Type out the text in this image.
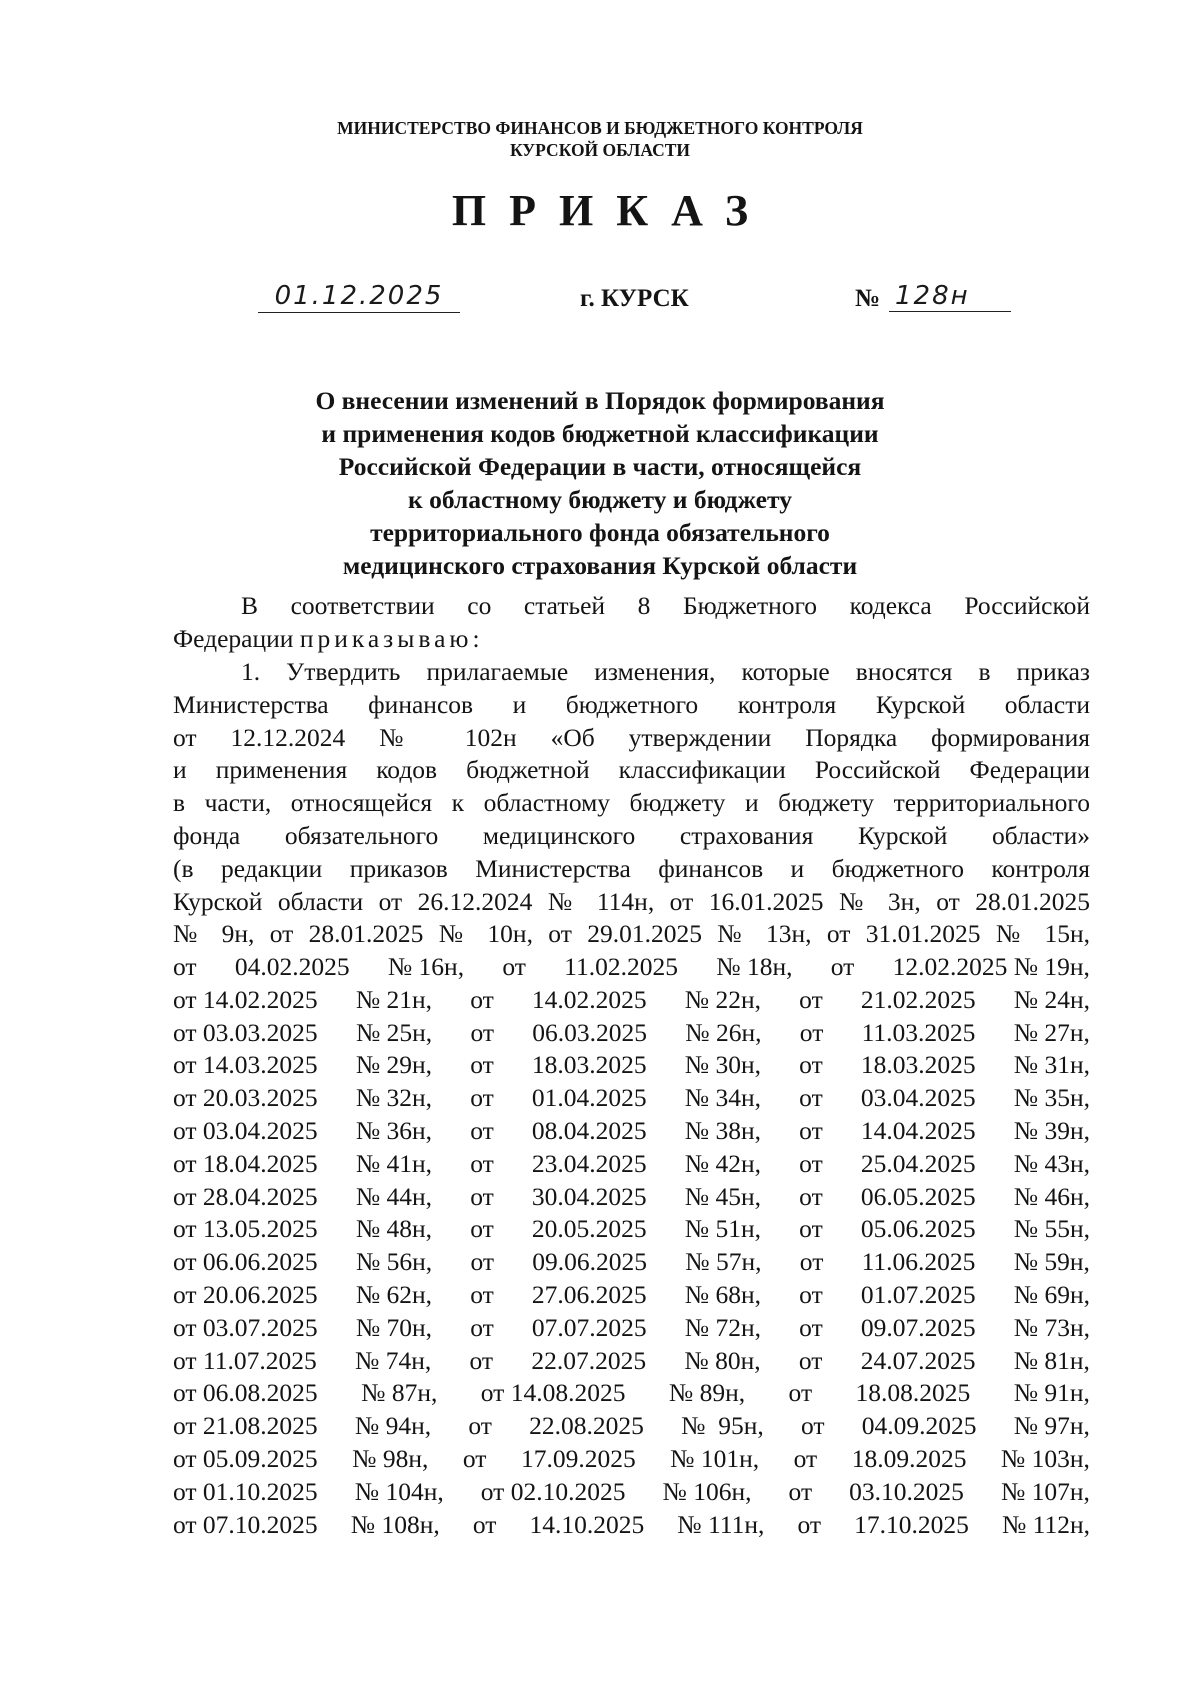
МИНИСТЕРСТВО ФИНАНСОВ И БЮДЖЕТНОГО КОНТРОЛЯ
КУРСКОЙ ОБЛАСТИ
ПРИКАЗ
01.12.2025	г. КУРСК	№ 128н
О внесении изменений в Порядок формирования
и применения кодов бюджетной классификации
Российской Федерации в части, относящейся
к областному бюджету и бюджету
территориального фонда обязательного
медицинского страхования Курской области
В соответствии со статьей 8 Бюджетного кодекса Российской
Федерации приказываю:
1. Утвердить прилагаемые изменения, которые вносятся в приказ
Министерства финансов и бюджетного контроля Курской области
от 12.12.2024 № 102н «Об утверждении Порядка формирования
и применения кодов бюджетной классификации Российской Федерации
в части, относящейся к областному бюджету и бюджету территориального
фонда обязательного медицинского страхования Курской области»
(в редакции приказов Министерства финансов и бюджетного контроля
Курской области от 26.12.2024 № 114н, от 16.01.2025 № 3н, от 28.01.2025
№ 9н, от 28.01.2025 № 10н, от 29.01.2025 № 13н, от 31.01.2025 № 15н,
от 04.02.2025 № 16н, от 11.02.2025 № 18н, от 12.02.2025 № 19н,
от 14.02.2025 № 21н, от 14.02.2025 № 22н, от 21.02.2025 № 24н,
от 03.03.2025 № 25н, от 06.03.2025 № 26н, от 11.03.2025 № 27н,
от 14.03.2025 № 29н, от 18.03.2025 № 30н, от 18.03.2025 № 31н,
от 20.03.2025 № 32н, от 01.04.2025 № 34н, от 03.04.2025 № 35н,
от 03.04.2025 № 36н, от 08.04.2025 № 38н, от 14.04.2025 № 39н,
от 18.04.2025 № 41н, от 23.04.2025 № 42н, от 25.04.2025 № 43н,
от 28.04.2025 № 44н, от 30.04.2025 № 45н, от 06.05.2025 № 46н,
от 13.05.2025 № 48н, от 20.05.2025 № 51н, от 05.06.2025 № 55н,
от 06.06.2025 № 56н, от 09.06.2025 № 57н, от 11.06.2025 № 59н,
от 20.06.2025 № 62н, от 27.06.2025 № 68н, от 01.07.2025 № 69н,
от 03.07.2025 № 70н, от 07.07.2025 № 72н, от 09.07.2025 № 73н,
от 11.07.2025 № 74н, от 22.07.2025 № 80н, от 24.07.2025 № 81н,
от 06.08.2025 № 87н, от 14.08.2025 № 89н, от 18.08.2025 № 91н,
от 21.08.2025 № 94н, от 22.08.2025 №  95н, от 04.09.2025 № 97н,
от 05.09.2025 № 98н, от 17.09.2025 № 101н, от 18.09.2025 № 103н,
от 01.10.2025 № 104н, от 02.10.2025 № 106н, от 03.10.2025 № 107н,
от 07.10.2025 № 108н, от 14.10.2025 № 111н, от 17.10.2025 № 112н,
